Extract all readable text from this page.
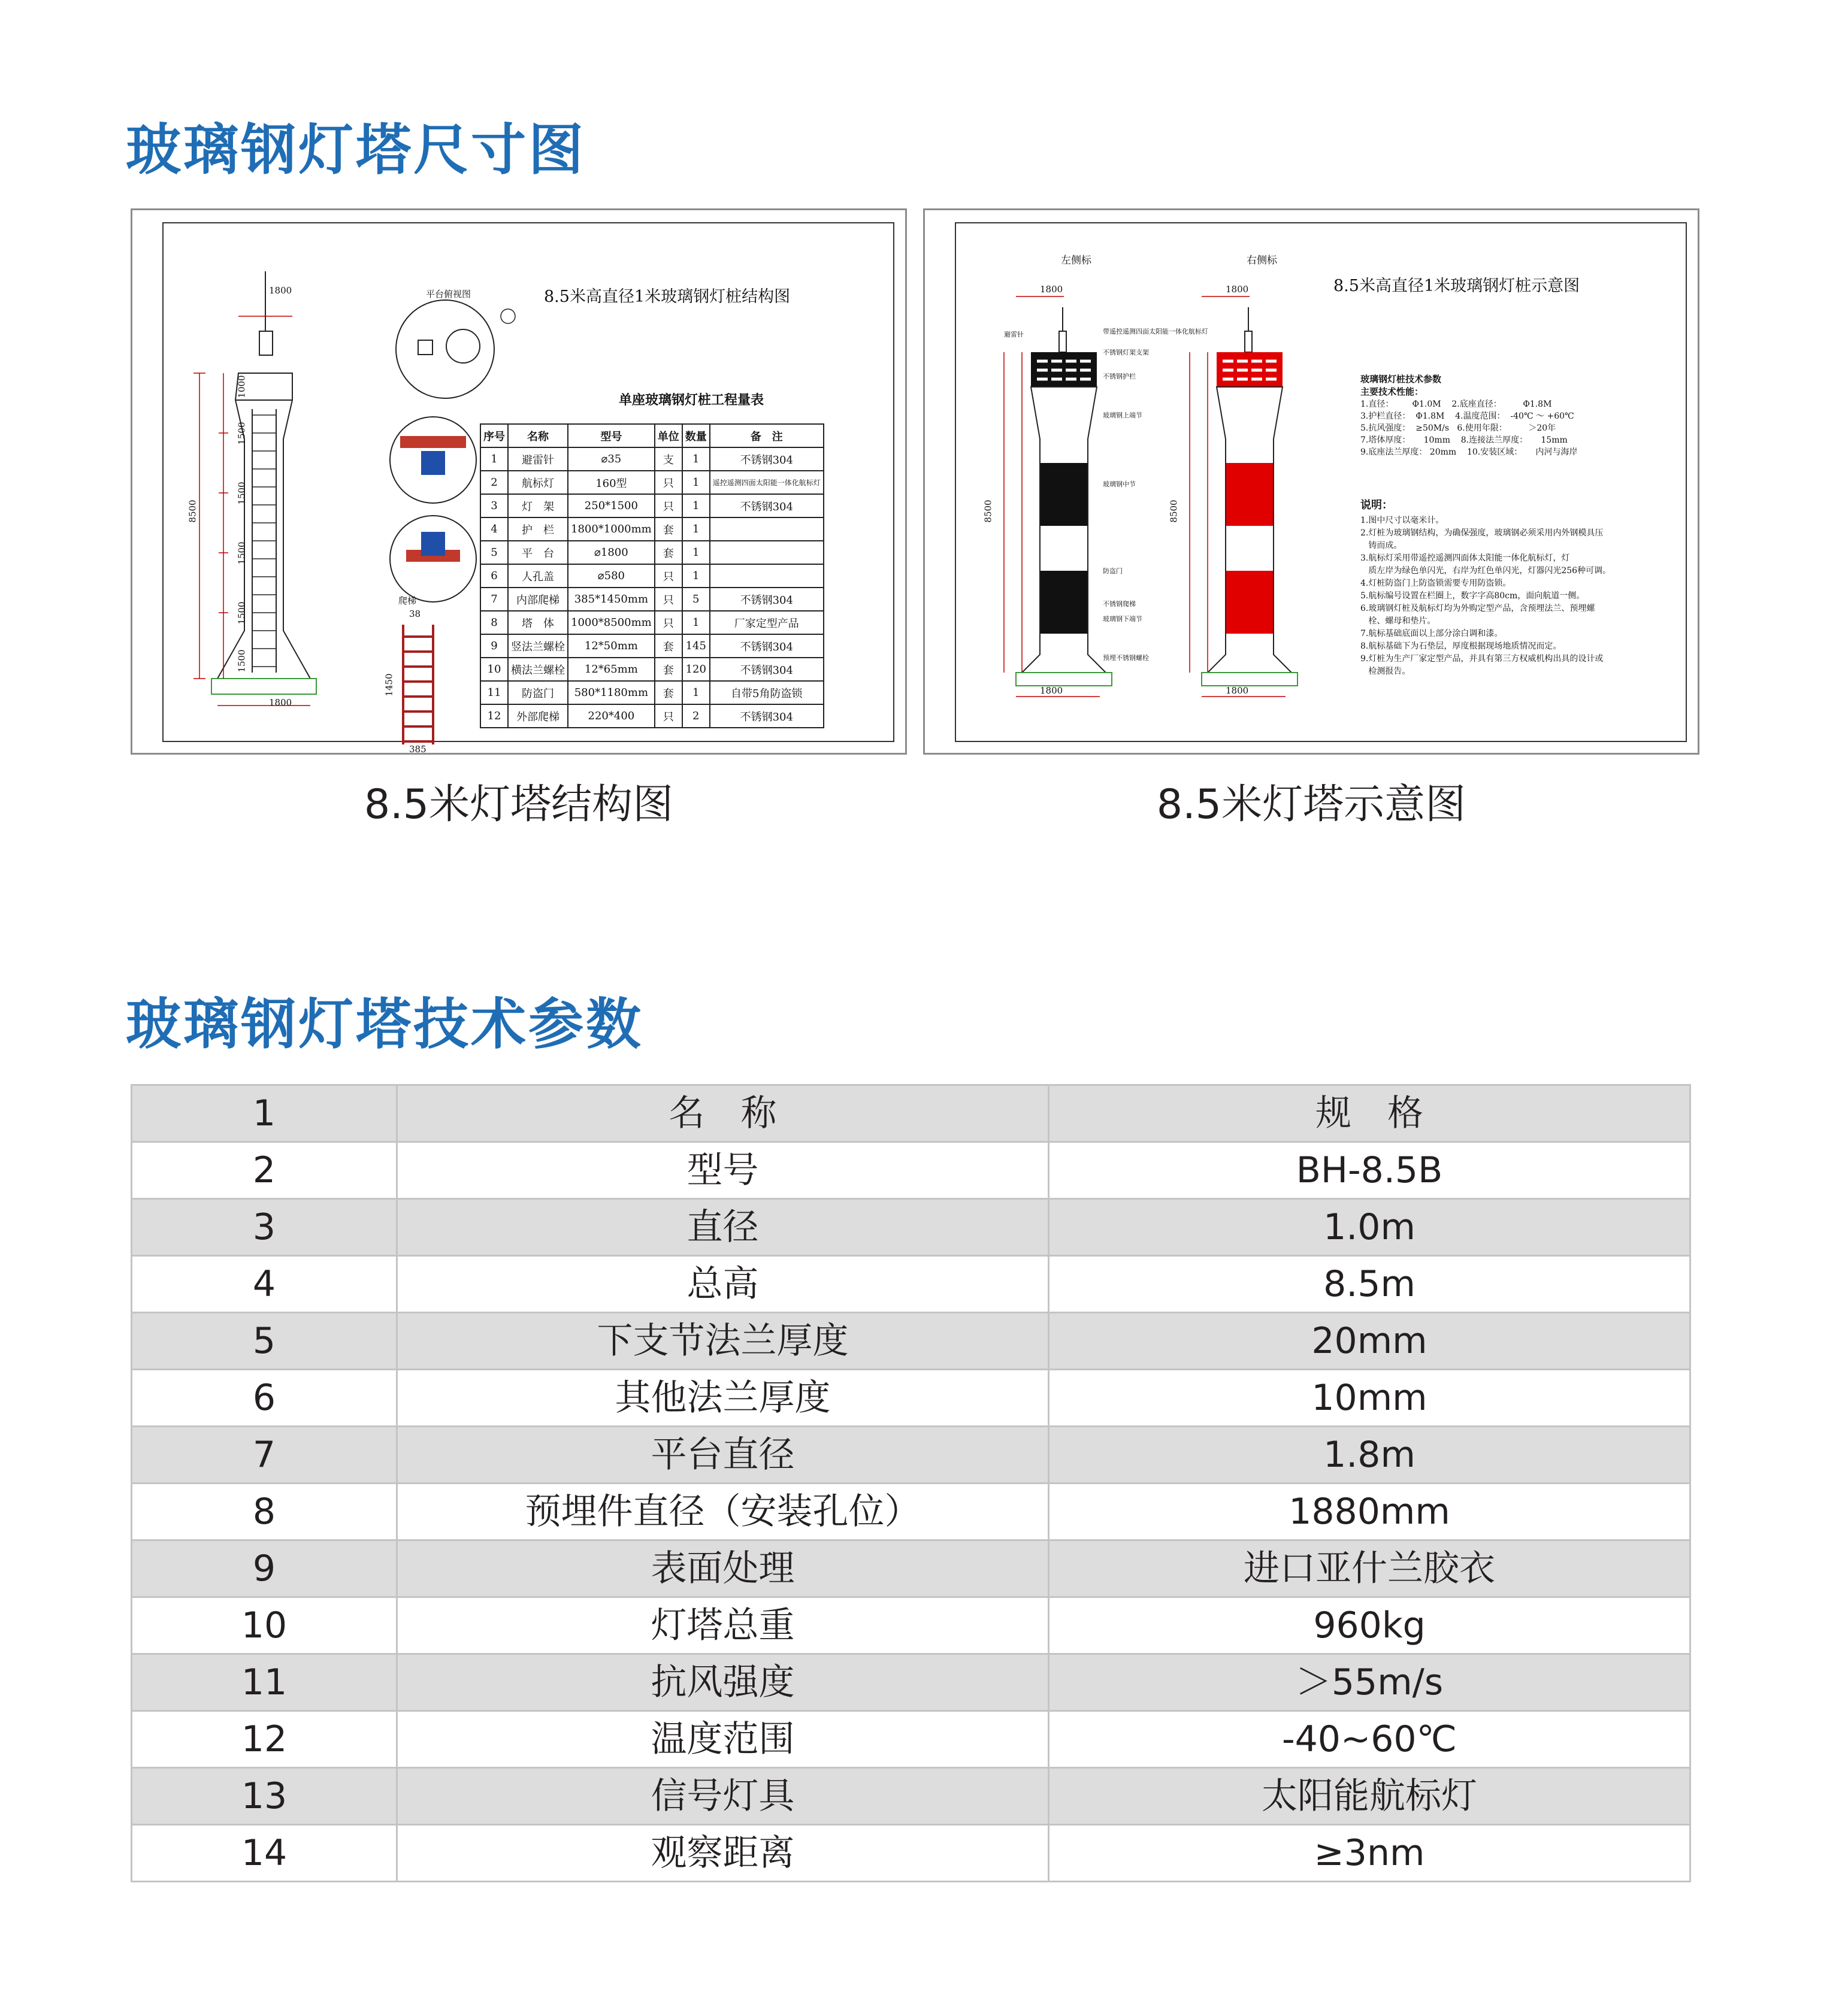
玻璃钢灯塔尺寸图
8.5米高直径1米玻璃钢灯桩结构图
平台俯视图
爬梯
1800
1800
8500
1000
1500
1500
1500
1500
1500
1450
38
385
单座玻璃钢灯桩工程量表
序号	名称	型号	单位	数量	备　注
1	避雷针	⌀35	支	1	不锈钢304
2	航标灯	160型	只	1	遥控遥测四面太阳能一体化航标灯
3	灯　架	250*1500	只	1	不锈钢304
4	护　栏	1800*1000mm	套	1	
5	平　台	⌀1800	套	1	
6	人孔盖	⌀580	只	1	
7	内部爬梯	385*1450mm	只	5	不锈钢304
8	塔　体	1000*8500mm	只	1	厂家定型产品
9	竖法兰螺栓	12*50mm	套	145	不锈钢304
10	横法兰螺栓	12*65mm	套	120	不锈钢304
11	防盗门	580*1180mm	套	1	自带5角防盗锁
12	外部爬梯	220*400	只	2	不锈钢304
左侧标	右侧标
1800	1800
1800	1800
8500	8500
避雷针	带遥控遥测四面太阳能一体化航标灯
不锈钢灯架支架
不锈钢护栏
玻璃钢上端节
玻璃钢中节
防盗门
不锈钢爬梯
玻璃钢下端节
预埋不锈钢螺栓
8.5米高直径1米玻璃钢灯桩示意图
玻璃钢灯桩技术参数
主要技术性能：
1.直径：       Φ1.0M    2.底座直径：        Φ1.8M
3.护栏直径：  Φ1.8M    4.温度范围：  -40℃ ～ +60℃
5.抗风强度：  ≥50M/s   6.使用年限：        ＞20年
7.塔体厚度：     10mm    8.连接法兰厚度：     15mm
9.底座法兰厚度： 20mm    10.安装区域：     内河与海岸
说明：
1.图中尺寸以毫米计。
2.灯桩为玻璃钢结构，为确保强度，玻璃钢必须采用内外钢模具压
铸而成。
3.航标灯采用带遥控遥测四面体太阳能一体化航标灯，灯
质左岸为绿色单闪光，右岸为红色单闪光，灯器闪光256种可调。
4.灯桩防盗门上防盗锁需要专用防盗锁。
5.航标编号设置在栏圈上，数字字高80cm，面向航道一侧。
6.玻璃钢灯桩及航标灯均为外购定型产品，含预埋法兰、预埋螺
栓、螺母和垫片。
7.航标基础底面以上部分涂白调和漆。
8.航标基础下为石垫层，厚度根据现场地质情况而定。
9.灯桩为生产厂家定型产品，并具有第三方权威机构出具的设计或
检测报告。
8.5米灯塔结构图	8.5米灯塔示意图
玻璃钢灯塔技术参数
1	名　称	规　格
2	型号	BH-8.5B
3	直径	1.0m
4	总高	8.5m
5	下支节法兰厚度	20mm
6	其他法兰厚度	10mm
7	平台直径	1.8m
8	预埋件直径（安装孔位）	1880mm
9	表面处理	进口亚什兰胶衣
10	灯塔总重	960kg
11	抗风强度	＞55m/s
12	温度范围	-40~60℃
13	信号灯具	太阳能航标灯
14	观察距离	≥3nm
